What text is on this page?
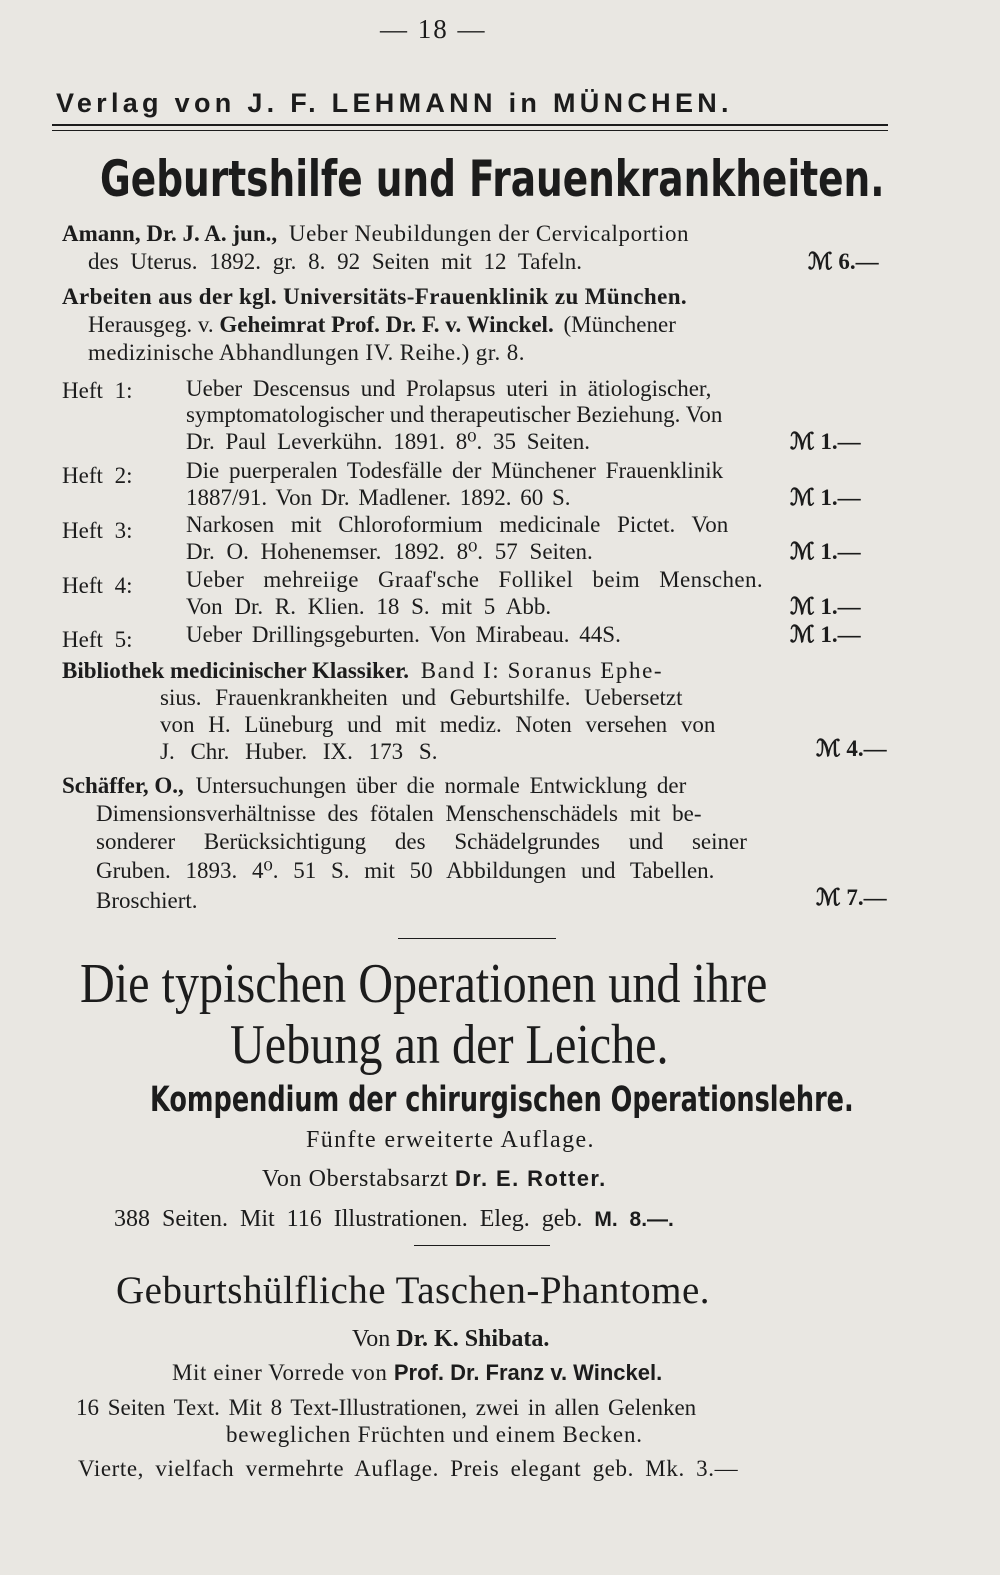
— 18 —
Verlag von J. F. LEHMANN in MÜNCHEN.
Geburtshilfe und Frauenkrankheiten.
Amann, Dr. J. A. jun., Ueber Neubildungen der Cervicalportion
des Uterus. 1892. gr. 8. 92 Seiten mit 12 Tafeln.	ℳ 6.—
Arbeiten aus der kgl. Universitäts-Frauenklinik zu München.
Herausgeg. v. Geheimrat Prof. Dr. F. v. Winckel. (Münchener
medizinische Abhandlungen IV. Reihe.) gr. 8.
Heft 1: Ueber Descensus und Prolapsus uteri in ätiologischer,
symptomatologischer und therapeutischer Beziehung. Von
Dr. Paul Leverkühn. 1891. 8⁰. 35 Seiten.	ℳ 1.—
Heft 2: Die puerperalen Todesfälle der Münchener Frauenklinik
1887/91. Von Dr. Madlener. 1892. 60 S.	ℳ 1.—
Heft 3: Narkosen mit Chloroformium medicinale Pictet. Von
Dr. O. Hohenemser. 1892. 8⁰. 57 Seiten.	ℳ 1.—
Heft 4: Ueber mehreiige Graaf'sche Follikel beim Menschen.
Von Dr. R. Klien. 18 S. mit 5 Abb.	ℳ 1.—
Heft 5: Ueber Drillingsgeburten. Von Mirabeau. 44S.	ℳ 1.—
Bibliothek medicinischer Klassiker. Band I: Soranus Ephe-
sius. Frauenkrankheiten und Geburtshilfe. Uebersetzt
von H. Lüneburg und mit mediz. Noten versehen von
J. Chr. Huber. IX. 173 S.	ℳ 4.—
Schäffer, O., Untersuchungen über die normale Entwicklung der
Dimensionsverhältnisse des fötalen Menschenschädels mit be-
sonderer Berücksichtigung des Schädelgrundes und seiner
Gruben. 1893. 4⁰. 51 S. mit 50 Abbildungen und Tabellen.
Broschiert.	ℳ 7.—
Die typischen Operationen und ihre
Uebung an der Leiche.
Kompendium der chirurgischen Operationslehre.
Fünfte erweiterte Auflage.
Von Oberstabsarzt Dr. E. Rotter.
388 Seiten. Mit 116 Illustrationen. Eleg. geb. M. 8.—.
Geburtshülfliche Taschen-Phantome.
Von Dr. K. Shibata.
Mit einer Vorrede von Prof. Dr. Franz v. Winckel.
16 Seiten Text. Mit 8 Text-Illustrationen, zwei in allen Gelenken
beweglichen Früchten und einem Becken.
Vierte, vielfach vermehrte Auflage. Preis elegant geb. Mk. 3.—
